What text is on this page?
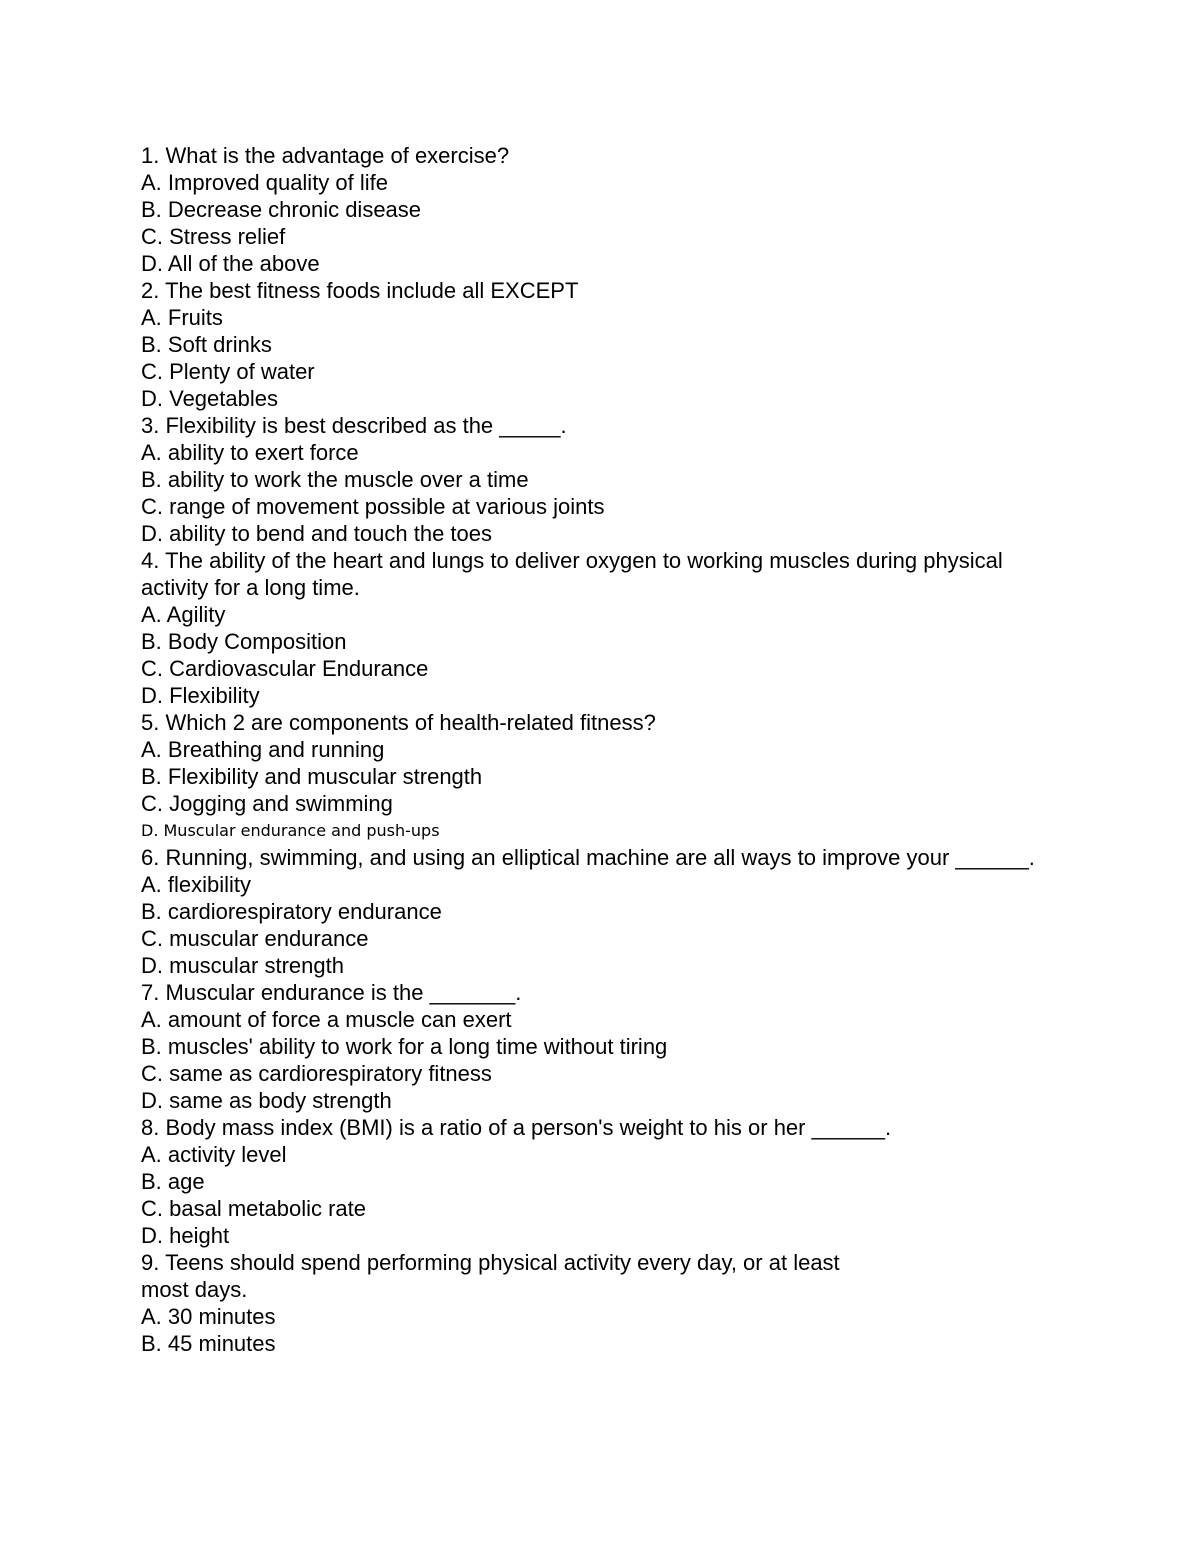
1. What is the advantage of exercise?

A. Improved quality of life

B. Decrease chronic disease

C. Stress relief

D. All of the above

2. The best fitness foods include all EXCEPT

A. Fruits

B. Soft drinks

C. Plenty of water

D. Vegetables

3. Flexibility is best described as the _____.

A. ability to exert force

B. ability to work the muscle over a time

C. range of movement possible at various joints

D. ability to bend and touch the toes

4. The ability of the heart and lungs to deliver oxygen to working muscles during physical activity for a long time.

A. Agility

B. Body Composition

C. Cardiovascular Endurance

D. Flexibility

5. Which 2 are components of health-related fitness?

A. Breathing and running

B. Flexibility and muscular strength

C. Jogging and swimming

D. Muscular endurance and push-ups

6. Running, swimming, and using an elliptical machine are all ways to improve your ______.

A. flexibility

B. cardiorespiratory endurance

C. muscular endurance

D. muscular strength

7. Muscular endurance is the _______.

A. amount of force a muscle can exert

B. muscles' ability to work for a long time without tiring

C. same as cardiorespiratory fitness

D. same as body strength

8. Body mass index (BMI) is a ratio of a person's weight to his or her ______.

A. activity level

B. age

C. basal metabolic rate

D. height

9. Teens should spend performing physical activity every day, or at least
most days.

A. 30 minutes

B. 45 minutes
